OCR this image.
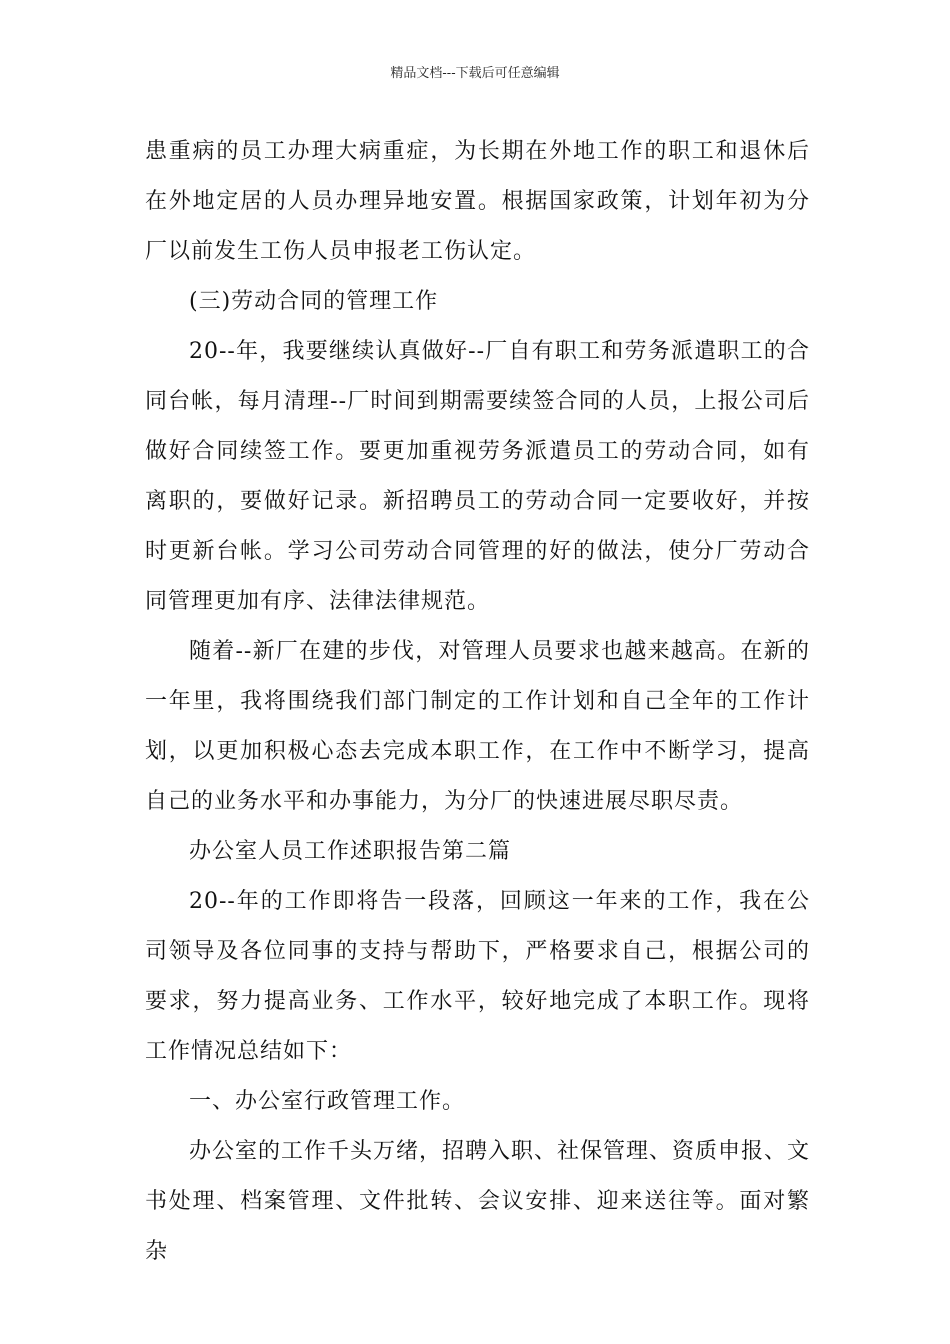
精品文档---下载后可任意编辑

患重病的员工办理大病重症，为长期在外地工作的职工和退休后在外地定居的人员办理异地安置。根据国家政策，计划年初为分厂以前发生工伤人员申报老工伤认定。

(三)劳动合同的管理工作

20--年，我要继续认真做好--厂自有职工和劳务派遣职工的合同台帐，每月清理--厂时间到期需要续签合同的人员，上报公司后做好合同续签工作。要更加重视劳务派遣员工的劳动合同，如有离职的，要做好记录。新招聘员工的劳动合同一定要收好，并按时更新台帐。学习公司劳动合同管理的好的做法，使分厂劳动合同管理更加有序、法律法律规范。

随着--新厂在建的步伐，对管理人员要求也越来越高。在新的一年里，我将围绕我们部门制定的工作计划和自己全年的工作计划，以更加积极心态去完成本职工作，在工作中不断学习，提高自己的业务水平和办事能力，为分厂的快速进展尽职尽责。

办公室人员工作述职报告第二篇

20--年的工作即将告一段落，回顾这一年来的工作，我在公司领导及各位同事的支持与帮助下，严格要求自己，根据公司的要求，努力提高业务、工作水平，较好地完成了本职工作。现将工作情况总结如下：

一、办公室行政管理工作。

办公室的工作千头万绪，招聘入职、社保管理、资质申报、文书处理、档案管理、文件批转、会议安排、迎来送往等。面对繁杂
